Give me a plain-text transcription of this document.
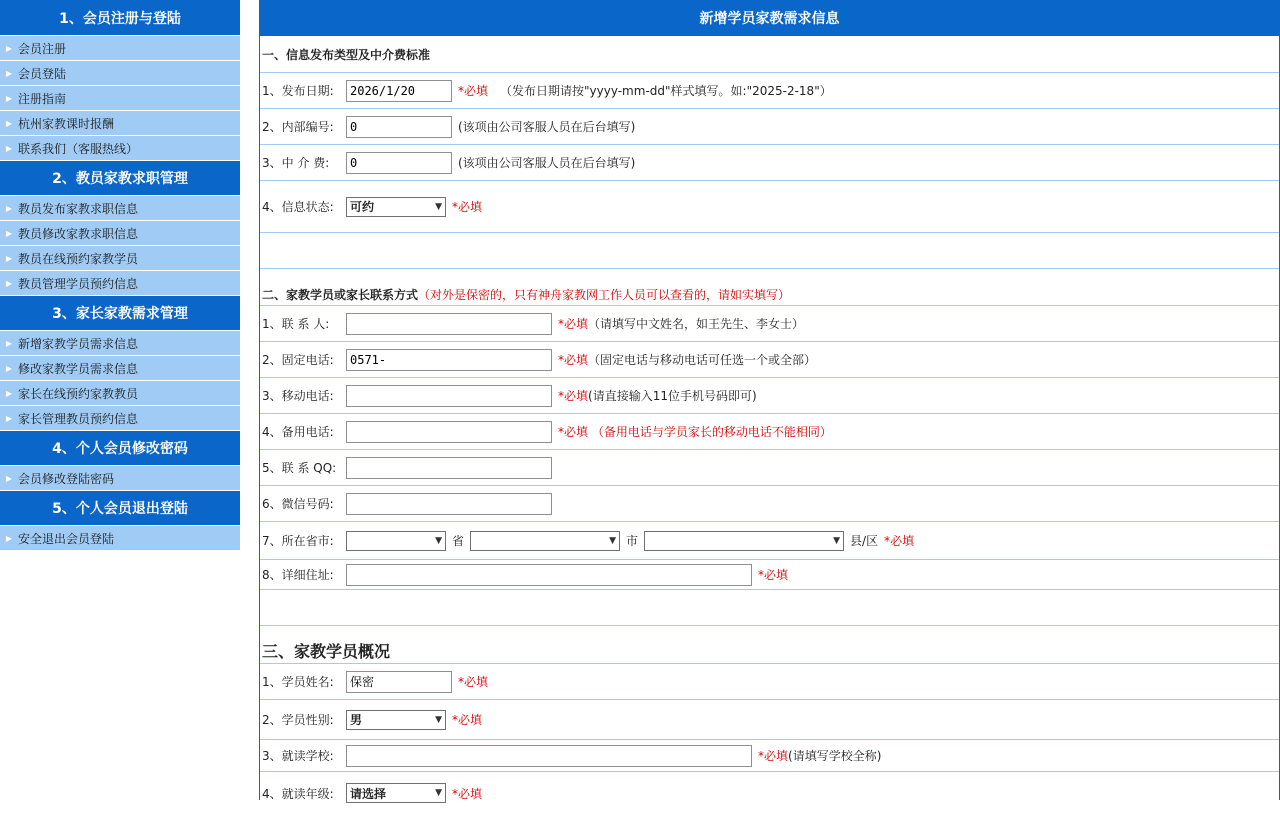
1、会员注册与登陆
▶ 会员注册
▶ 会员登陆
▶ 注册指南
▶ 杭州家教课时报酬
▶ 联系我们（客服热线）
2、教员家教求职管理
▶ 教员发布家教求职信息
▶ 教员修改家教求职信息
▶ 教员在线预约家教学员
▶ 教员管理学员预约信息
3、家长家教需求管理
▶ 新增家教学员需求信息
▶ 修改家教学员需求信息
▶ 家长在线预约家教教员
▶ 家长管理教员预约信息
4、个人会员修改密码
▶ 会员修改登陆密码
5、个人会员退出登陆
▶ 安全退出会员登陆
新增学员家教需求信息
一、信息发布类型及中介费标准
1、发布日期:
2026/1/20	*必填 （发布日期请按"yyyy-mm-dd"样式填写。如:"2025-2-18"）
2、内部编号:
0	(该项由公司客服人员在后台填写)
3、中 介 费:
0	(该项由公司客服人员在后台填写)
4、信息状态:	可约	▼ *必填
二、家教学员或家长联系方式 （对外是保密的，只有神舟家教网工作人员可以查看的，请如实填写）
1、联 系 人:	*必填 （请填写中文姓名，如王先生、李女士）
2、固定电话:
0571-	*必填 （固定电话与移动电话可任选一个或全部）
3、移动电话:	*必填 (请直接输入11位手机号码即可)
4、备用电话:	*必填 （备用电话与学员家长的移动电话不能相同）
5、联 系 QQ:
6、微信号码:
7、所在省市:	▼ 省	▼ 市	▼ 县/区 *必填
8、详细住址:	*必填
三、家教学员概况
1、学员姓名:
保密	*必填
2、学员性别:	男	▼ *必填
3、就读学校:	*必填 (请填写学校全称)
4、就读年级:	请选择	▼ *必填
